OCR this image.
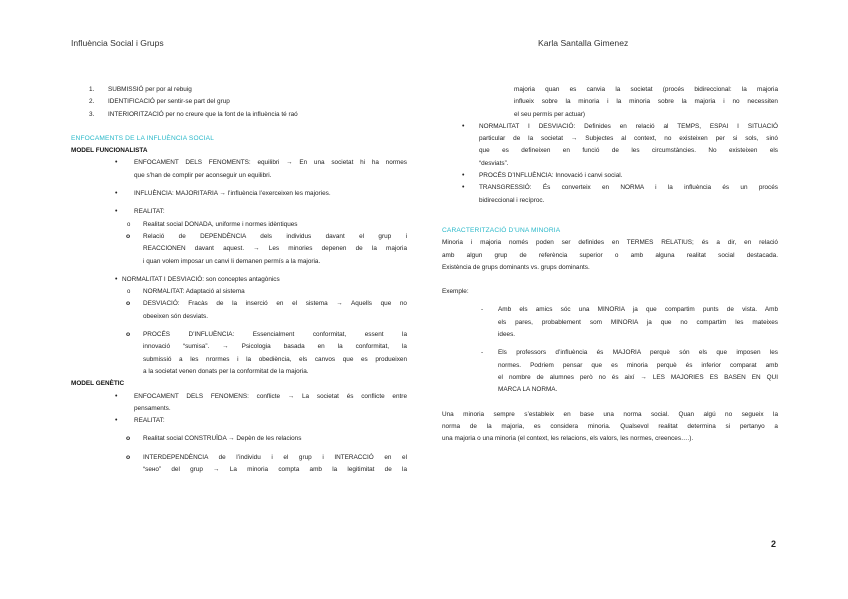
Influència Social i Grups	Karla Santalla Gimenez
1.	SUBMISSIÓ per por al rebuig
2.	IDENTIFICACIÓ per sentir-se part del grup
3.	INTERIORITZACIÓ per no creure que la font de la influència té raó
ENFOCAMENTS DE LA INFLUÈNCIA SOCIAL
MODEL FUNCIONALISTA
•	ENFOCAMENT DELS FENOMENTS: equilibri → En una societat hi ha normes
que s’han de complir per aconseguir un equilibri.
•	INFLUÈNCIA: MAJORITARIA → l’influència l’exerceixen les majories.
•	REALITAT:
o	Realitat social DONADA, uniforme i normes idèntiques
o	Relació de DEPENDÈNCIA dels individus davant el grup i
REACCIONEN davant aquest. → Les minories depenen de la majoria
i quan volem imposar un canvi li demanen permís a la majoria.
• NORMALITAT I DESVIACIÓ: son conceptes antagònics
o	NORMALITAT: Adaptació al sistema
o	DESVIACIÓ: Fracàs de la inserció en el sistema → Aquells que no
obeeixen són desviats.
o	PROCÉS D’INFLUÈNCIA: Essencialment conformitat, essent la
innovació “sumisa”. → Psicologia basada en la conformitat, la
submissió a les nrormes i la obediència, els canvos que es produeixen
a la societat venen donats per la conformitat de la majoria.
MODEL GENÈTIC
•	ENFOCAMENT DELS FENOMENS: conflicte → La societat és conflicte entre
pensaments.
•	REALITAT:
o	Realitat social CONSTRUÏDA → Depèn de les relacions
o	INTERDEPENDÈNCIA de l’individu i el grup i INTERACCIÓ en el
“sено” del grup → La minoria compta amb la legitimitat de la
majoria quan es canvia la societat (procés bidireccional: la majoria
influeix sobre la minoria i la minoria sobre la majoria i no necessiten
el seu permís per actuar)
•	NORMALITAT I DESVIACIÓ: Definides en relació al TEMPS, ESPAI I SITUACIÓ
particular de la societat → Subjectes al context, no existeixen per si sols, sinó
que es defineixen en funció de les circumstàncies. No existeixen els
“desviats”.
•	PROCÉS D’INFLUÈNCIA: Innovació i canvi social.
•	TRANSGRESSIÓ: És converteix en NORMA i la influència és un procés
bidireccional i recíproc.
CARACTERITZACIÓ D’UNA MINORIA
Minoria i majoria només poden ser definides en TERMES RELATIUS; és a dir, en relació
amb algun grup de referència superior o amb alguna realitat social destacada.
Existència de grups dominants vs. grups dominants.
Exemple:
-	Amb els amics sóc una MINORIA ja que compartim punts de vista. Amb
els pares, probablement som MINORIA ja que no compartim les mateixes
idees.
-	Els professors d’influència és MAJORIA perquè són els que imposen les
normes. Podriem pensar que es minoria perquè és inferior comparat amb
el nombre de alumnes però no és així → LES MAJORIES ES BASEN EN QUI
MARCA LA NORMA.
Una minoria sempre s’estableix en base una norma social. Quan algú no segueix la
norma de la majoria, es considera minoria. Qualsevol realitat determina si pertanyo a
una majoria o una minoria (el context, les relacions, els valors, les normes, creences….).
2
